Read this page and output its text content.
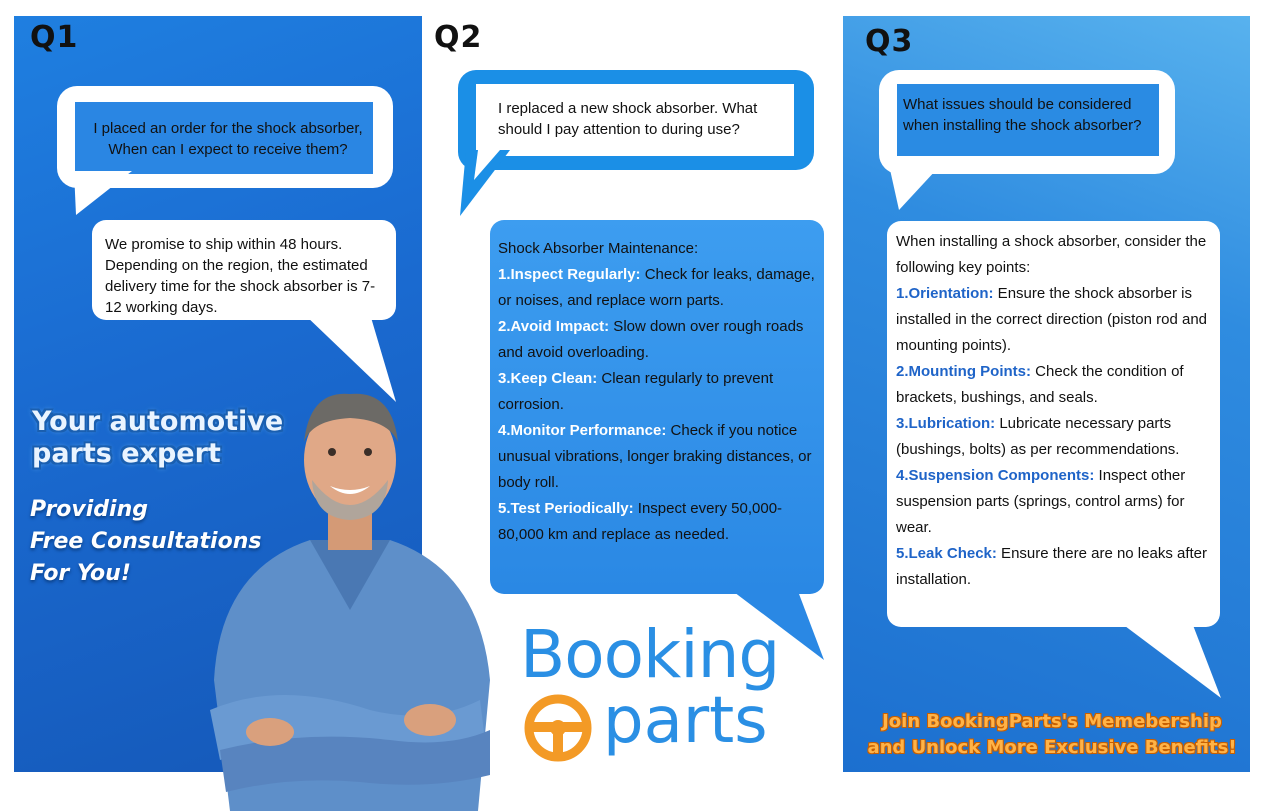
Q1
I placed an order for the shock absorber, When can I expect to receive them?
We promise to ship within 48 hours. Depending on the region, the estimated delivery time for the shock absorber is 7-12 working days.
Your automotive
parts expert
Providing
Free Consultations
For You!
Q2
I replaced a new shock absorber. What should I pay attention to during use?
Shock Absorber Maintenance:
1.Inspect Regularly: Check for leaks, damage, or noises, and replace worn parts.
2.Avoid Impact: Slow down over rough roads and avoid overloading.
3.Keep Clean: Clean regularly to prevent corrosion.
4.Monitor Performance: Check if you notice unusual vibrations, longer braking distances, or body roll.
5.Test Periodically: Inspect every 50,000-80,000 km and replace as needed.
Booking
parts
Q3
What issues should be considered when installing the shock absorber?
When installing a shock absorber, consider the following key points:
1.Orientation: Ensure the shock absorber is installed in the correct direction (piston rod and mounting points).
2.Mounting Points: Check the condition of brackets, bushings, and seals.
3.Lubrication: Lubricate necessary parts (bushings, bolts) as per recommendations.
4.Suspension Components: Inspect other suspension parts (springs, control arms) for wear.
5.Leak Check: Ensure there are no leaks after installation.
Join BookingParts's Memebership
and Unlock More Exclusive Benefits!
